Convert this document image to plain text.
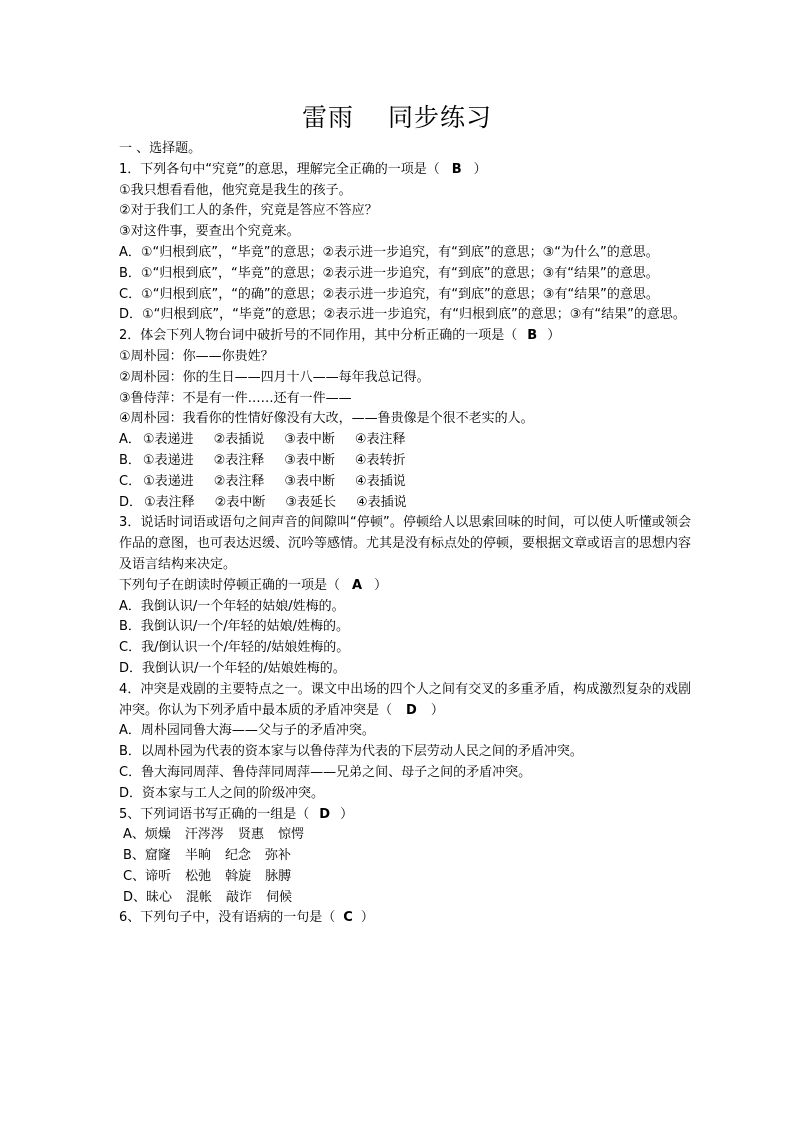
雷雨 同步练习
一 、选择题。
1．下列各句中“究竟”的意思，理解完全正确的一项是（ B ）
①我只想看看他，他究竟是我生的孩子。
②对于我们工人的条件，究竟是答应不答应？
③对这件事，要查出个究竟来。
A．①“归根到底”，“毕竟”的意思；②表示进一步追究，有“到底”的意思；③“为什么”的意思。
B．①“归根到底”，“毕竟”的意思；②表示进一步追究，有“到底”的意思；③有“结果”的意思。
C．①“归根到底”，“的确”的意思；②表示进一步追究，有“到底”的意思；③有“结果”的意思。
D．①“归根到底”，“毕竟”的意思；②表示进一步追究，有“归根到底”的意思；③有“结果”的意思。
2．体会下列人物台词中破折号的不同作用，其中分析正确的一项是（ B ）
①周朴园：你——你贵姓？
②周朴园：你的生日——四月十八——每年我总记得。
③鲁侍萍：不是有一件……还有一件——
④周朴园：我看你的性情好像没有大改，——鲁贵像是个很不老实的人。
A． ①表递进 ②表插说 ③表中断 ④表注释
B． ①表递进 ②表注释 ③表中断 ④表转折
C． ①表递进 ②表注释 ③表中断 ④表插说
D． ①表注释 ②表中断 ③表延长 ④表插说
3．说话时词语或语句之间声音的间隙叫“停顿”。停顿给人以思索回味的时间，可以使人听懂或领会作品的意图，也可表达迟缓、沉吟等感情。尤其是没有标点处的停顿，要根据文章或语言的思想内容及语言结构来决定。
下列句子在朗读时停顿正确的一项是（ A ）
A．我倒认识/一个年轻的姑娘/姓梅的。
B．我倒认识/一个/年轻的姑娘/姓梅的。
C．我/倒认识一个/年轻的/姑娘姓梅的。
D．我倒认识/一个年轻的/姑娘姓梅的。
4．冲突是戏剧的主要特点之一。课文中出场的四个人之间有交叉的多重矛盾，构成激烈复杂的戏剧冲突。你认为下列矛盾中最本质的矛盾冲突是（ D ）
A．周朴园同鲁大海——父与子的矛盾冲突。
B．以周朴园为代表的资本家与以鲁侍萍为代表的下层劳动人民之间的矛盾冲突。
C．鲁大海同周萍、鲁侍萍同周萍——兄弟之间、母子之间的矛盾冲突。
D．资本家与工人之间的阶级冲突。
5、下列词语书写正确的一组是（ D ）
A、烦燥 汗涔涔 贤惠 惊愕
B、窟窿 半晌 纪念 弥补
C、谛听 松弛 斡旋 脉膊
D、昧心 混帐 敲诈 伺候
6、下列句子中，没有语病的一句是（ C ）
